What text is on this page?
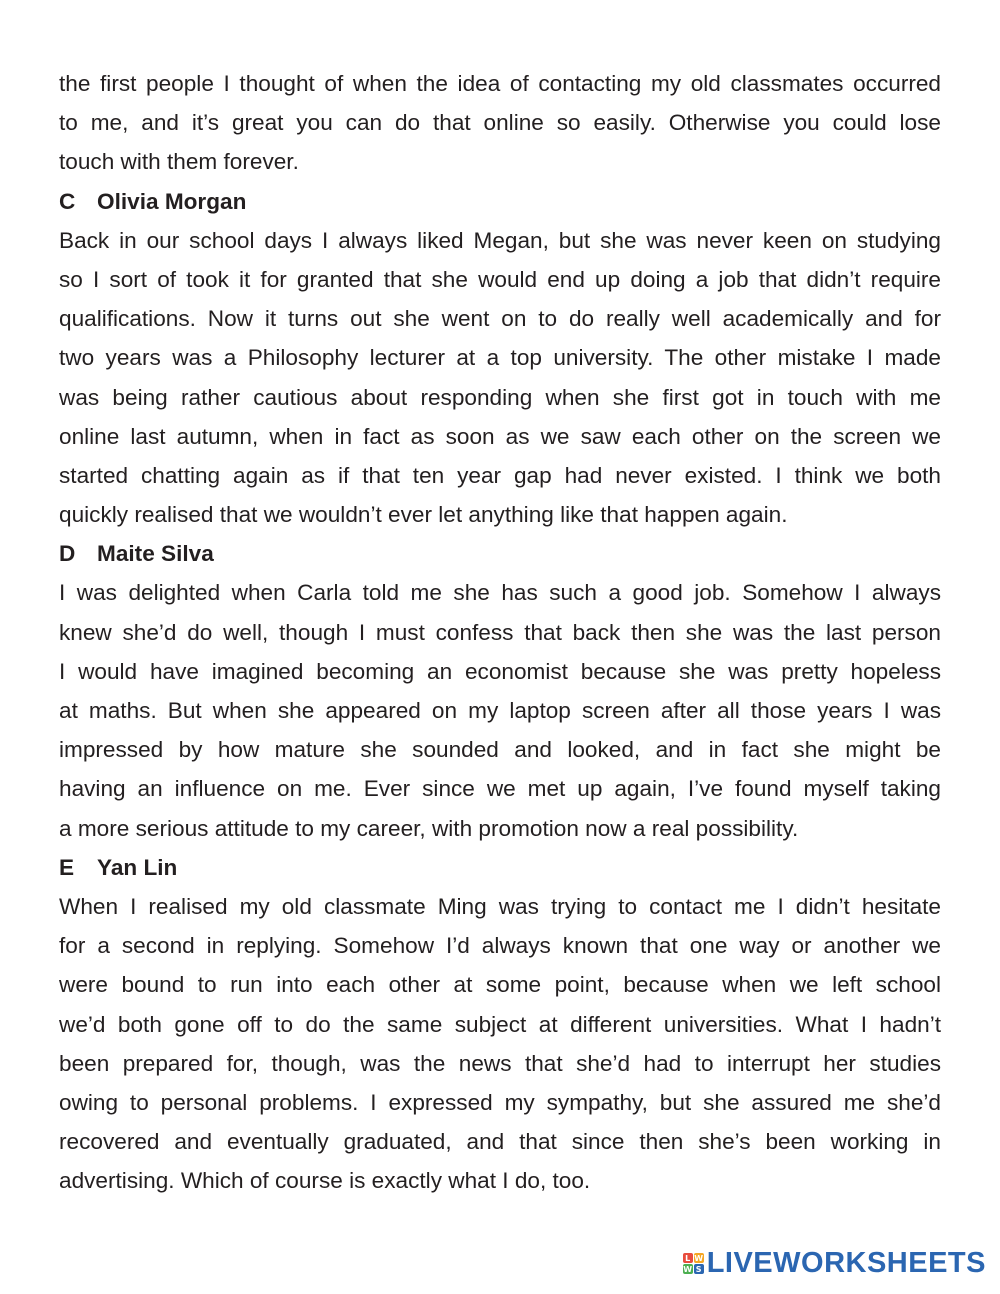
the first people I thought of when the idea of contacting my old classmates occurred
to me, and it’s great you can do that online so easily. Otherwise you could lose
touch with them forever.
C Olivia Morgan
Back in our school days I always liked Megan, but she was never keen on studying
so I sort of took it for granted that she would end up doing a job that didn’t require
qualifications. Now it turns out she went on to do really well academically and for
two years was a Philosophy lecturer at a top university. The other mistake I made
was being rather cautious about responding when she first got in touch with me
online last autumn, when in fact as soon as we saw each other on the screen we
started chatting again as if that ten year gap had never existed. I think we both
quickly realised that we wouldn’t ever let anything like that happen again.
D Maite Silva
I was delighted when Carla told me she has such a good job. Somehow I always
knew she’d do well, though I must confess that back then she was the last person
I would have imagined becoming an economist because she was pretty hopeless
at maths. But when she appeared on my laptop screen after all those years I was
impressed by how mature she sounded and looked, and in fact she might be
having an influence on me. Ever since we met up again, I’ve found myself taking
a more serious attitude to my career, with promotion now a real possibility.
E Yan Lin
When I realised my old classmate Ming was trying to contact me I didn’t hesitate
for a second in replying. Somehow I’d always known that one way or another we
were bound to run into each other at some point, because when we left school
we’d both gone off to do the same subject at different universities. What I hadn’t
been prepared for, though, was the news that she’d had to interrupt her studies
owing to personal problems. I expressed my sympathy, but she assured me she’d
recovered and eventually graduated, and that since then she’s been working in
advertising. Which of course is exactly what I do, too.
L W
W S LIVEWORKSHEETS
